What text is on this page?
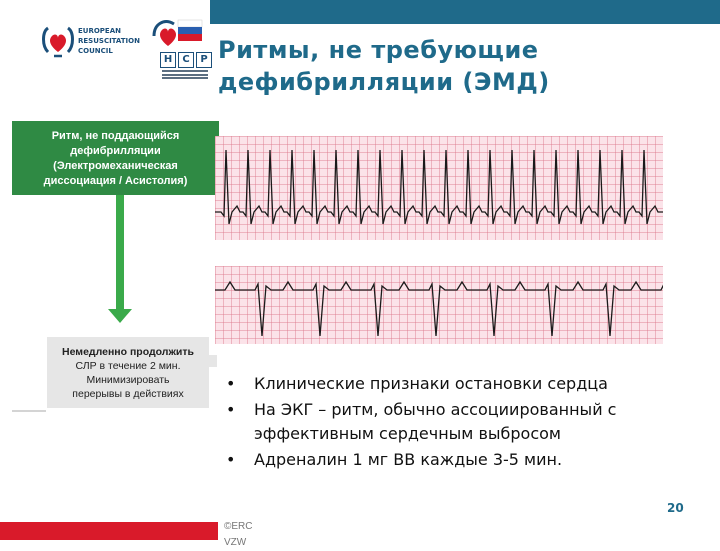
EUROPEAN
RESUSCITATION
COUNCIL
Н	С	Р Ритмы, не требующие
дефибрилляции (ЭМД)
Ритм, не поддающийся
дефибрилляции
(Электромеханическая
диссоциация / Асистолия)
Немедленно продолжить
СЛР в течение 2 мин.
Минимизировать
перерывы в действиях
• Клинические признаки остановки сердца
• На ЭКГ – ритм, обычно ассоциированный с эффективным сердечным выбросом
• Адреналин 1 мг ВВ каждые 3-5 мин.
20
©ERC
VZW
